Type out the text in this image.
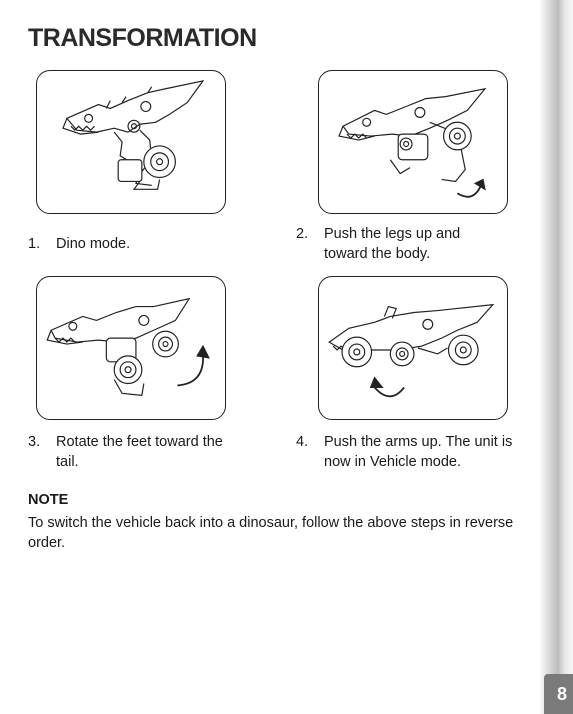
TRANSFORMATION
1. Dino mode.
2. Push the legs up and toward the body.
3. Rotate the feet toward the tail.
4. Push the arms up. The unit is now in Vehicle mode.
NOTE
To switch the vehicle back into a dinosaur, follow the above steps in reverse order.
8
